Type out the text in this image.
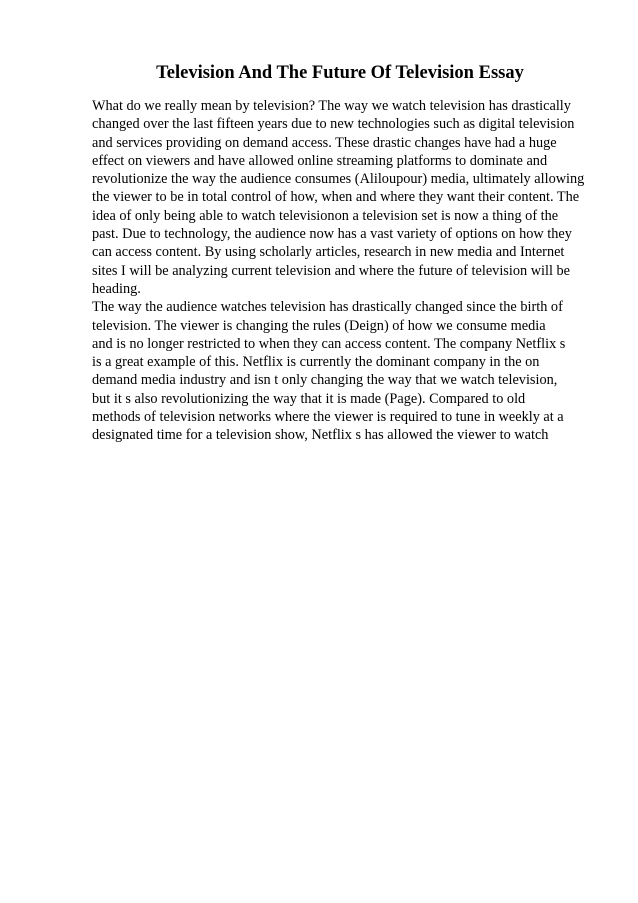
Television And The Future Of Television Essay
What do we really mean by television? The way we watch television has drastically
changed over the last fifteen years due to new technologies such as digital television
and services providing on demand access. These drastic changes have had a huge
effect on viewers and have allowed online streaming platforms to dominate and
revolutionize the way the audience consumes (Aliloupour) media, ultimately allowing
the viewer to be in total control of how, when and where they want their content. The
idea of only being able to watch televisionon a television set is now a thing of the
past. Due to technology, the audience now has a vast variety of options on how they
can access content. By using scholarly articles, research in new media and Internet
sites I will be analyzing current television and where the future of television will be
heading.
The way the audience watches television has drastically changed since the birth of
television. The viewer is changing the rules (Deign) of how we consume media
and is no longer restricted to when they can access content. The company Netflix s
is a great example of this. Netflix is currently the dominant company in the on
demand media industry and isn t only changing the way that we watch television,
but it s also revolutionizing the way that it is made (Page). Compared to old
methods of television networks where the viewer is required to tune in weekly at a
designated time for a television show, Netflix s has allowed the viewer to watch
